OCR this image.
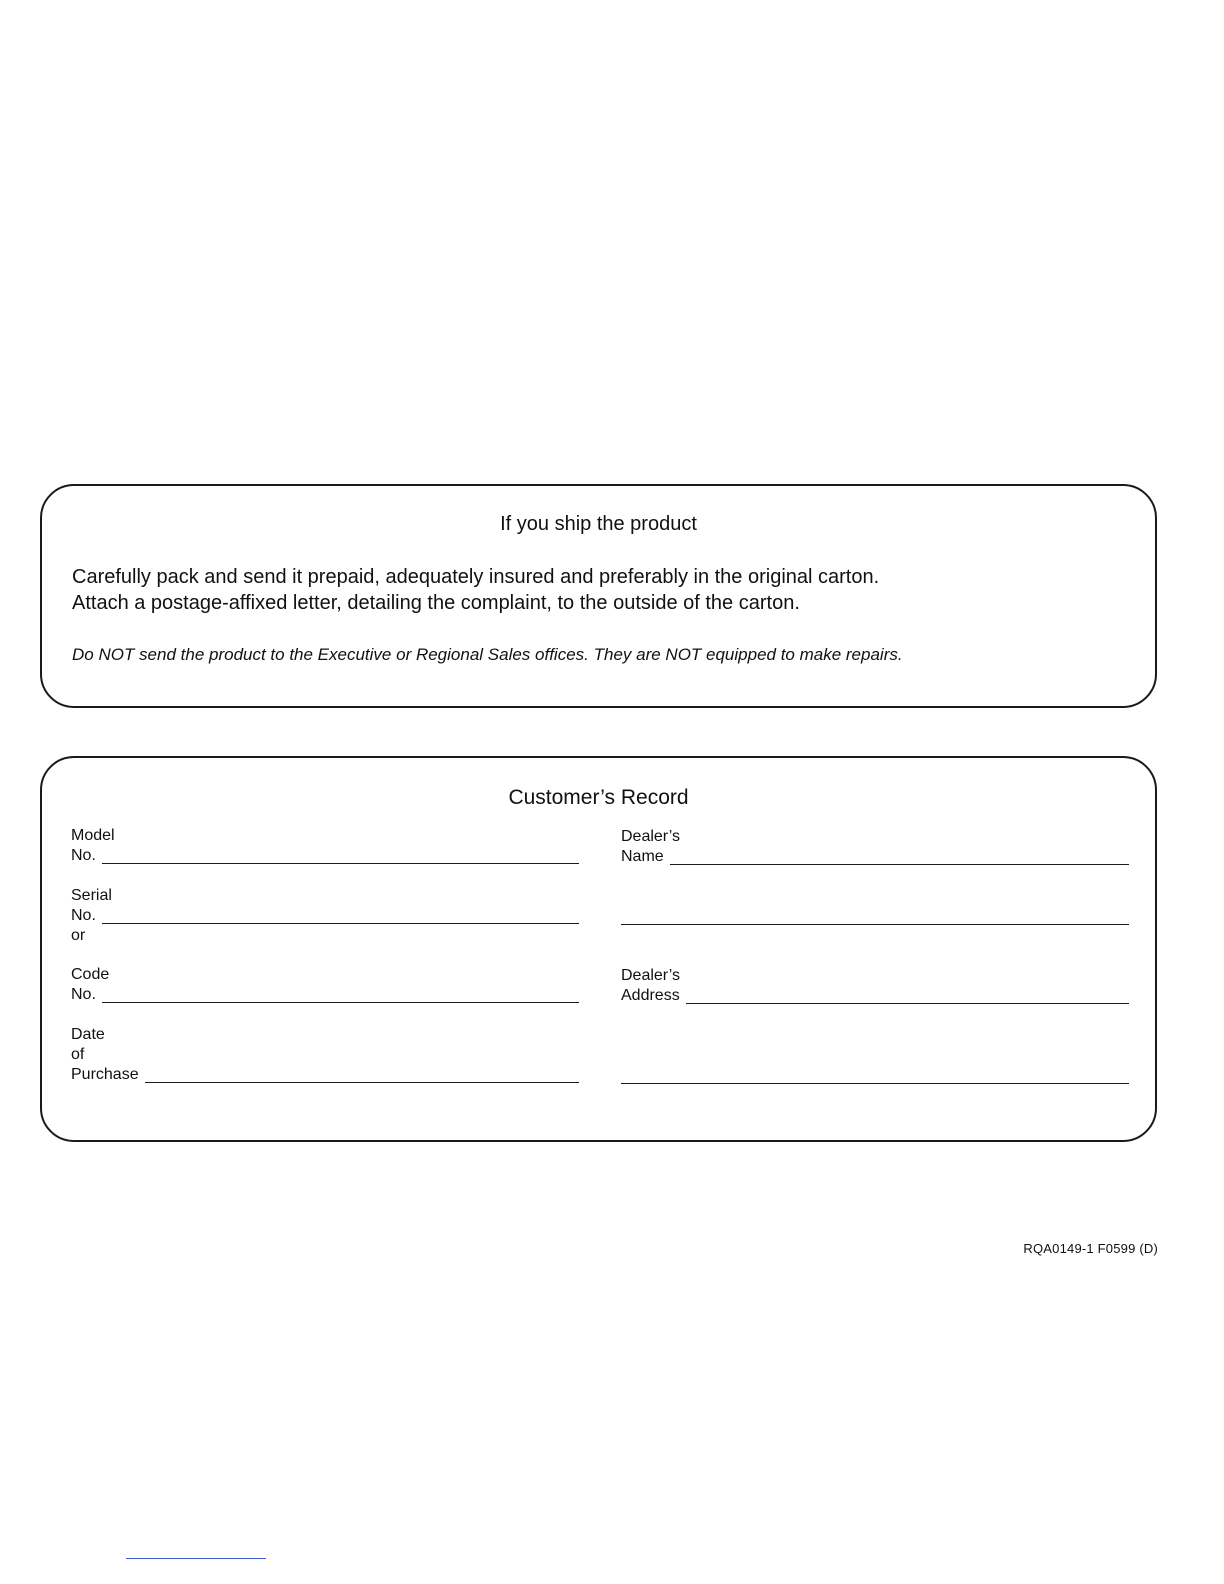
If you ship the product
Carefully pack and send it prepaid, adequately insured and preferably in the original carton.
Attach a postage-affixed letter, detailing the complaint, to the outside of the carton.
Do NOT send the product to the Executive or Regional Sales offices. They are NOT equipped to make repairs.
Customer’s Record
Model
No.
Serial
No.
or
Code
No.
Date
of
Purchase
Dealer’s
Name
Dealer’s
Address
RQA0149-1 F0599 (D)
